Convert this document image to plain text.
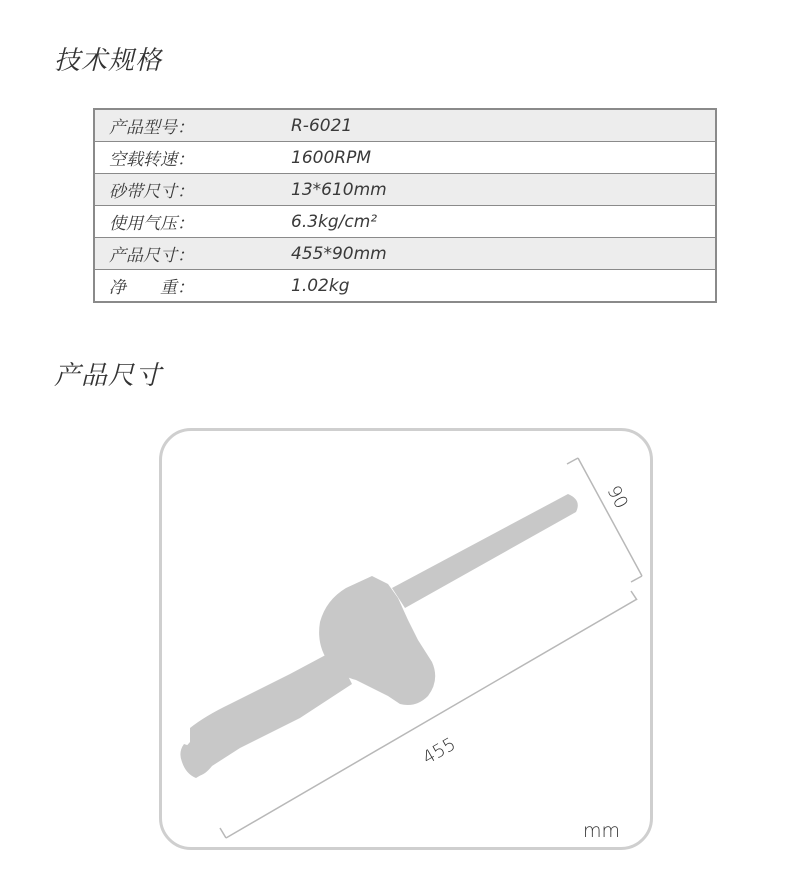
技术规格
产品型号：	R-6021
空载转速：	1600RPM
砂带尺寸：	13*610mm
使用气压：	6.3kg/cm²
产品尺寸：	455*90mm
净　　重：	1.02kg
产品尺寸
90
455
mm
